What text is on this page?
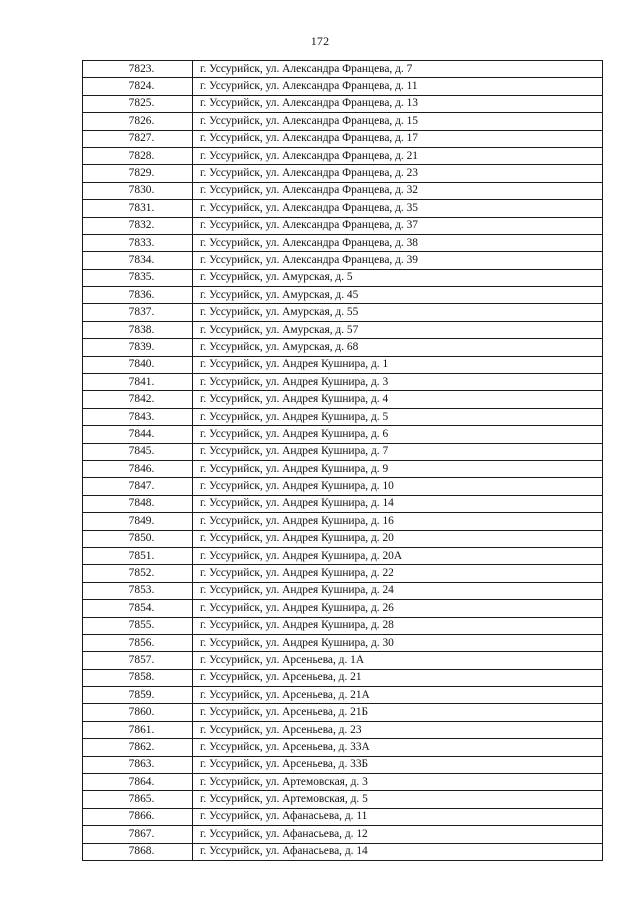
172
7823.	г. Уссурийск, ул. Александра Францева, д. 7
7824.	г. Уссурийск, ул. Александра Францева, д. 11
7825.	г. Уссурийск, ул. Александра Францева, д. 13
7826.	г. Уссурийск, ул. Александра Францева, д. 15
7827.	г. Уссурийск, ул. Александра Францева, д. 17
7828.	г. Уссурийск, ул. Александра Францева, д. 21
7829.	г. Уссурийск, ул. Александра Францева, д. 23
7830.	г. Уссурийск, ул. Александра Францева, д. 32
7831.	г. Уссурийск, ул. Александра Францева, д. 35
7832.	г. Уссурийск, ул. Александра Францева, д. 37
7833.	г. Уссурийск, ул. Александра Францева, д. 38
7834.	г. Уссурийск, ул. Александра Францева, д. 39
7835.	г. Уссурийск, ул. Амурская, д. 5
7836.	г. Уссурийск, ул. Амурская, д. 45
7837.	г. Уссурийск, ул. Амурская, д. 55
7838.	г. Уссурийск, ул. Амурская, д. 57
7839.	г. Уссурийск, ул. Амурская, д. 68
7840.	г. Уссурийск, ул. Андрея Кушнира, д. 1
7841.	г. Уссурийск, ул. Андрея Кушнира, д. 3
7842.	г. Уссурийск, ул. Андрея Кушнира, д. 4
7843.	г. Уссурийск, ул. Андрея Кушнира, д. 5
7844.	г. Уссурийск, ул. Андрея Кушнира, д. 6
7845.	г. Уссурийск, ул. Андрея Кушнира, д. 7
7846.	г. Уссурийск, ул. Андрея Кушнира, д. 9
7847.	г. Уссурийск, ул. Андрея Кушнира, д. 10
7848.	г. Уссурийск, ул. Андрея Кушнира, д. 14
7849.	г. Уссурийск, ул. Андрея Кушнира, д. 16
7850.	г. Уссурийск, ул. Андрея Кушнира, д. 20
7851.	г. Уссурийск, ул. Андрея Кушнира, д. 20А
7852.	г. Уссурийск, ул. Андрея Кушнира, д. 22
7853.	г. Уссурийск, ул. Андрея Кушнира, д. 24
7854.	г. Уссурийск, ул. Андрея Кушнира, д. 26
7855.	г. Уссурийск, ул. Андрея Кушнира, д. 28
7856.	г. Уссурийск, ул. Андрея Кушнира, д. 30
7857.	г. Уссурийск, ул. Арсеньева, д. 1А
7858.	г. Уссурийск, ул. Арсеньева, д. 21
7859.	г. Уссурийск, ул. Арсеньева, д. 21А
7860.	г. Уссурийск, ул. Арсеньева, д. 21Б
7861.	г. Уссурийск, ул. Арсеньева, д. 23
7862.	г. Уссурийск, ул. Арсеньева, д. 33А
7863.	г. Уссурийск, ул. Арсеньева, д. 33Б
7864.	г. Уссурийск, ул. Артемовская, д. 3
7865.	г. Уссурийск, ул. Артемовская, д. 5
7866.	г. Уссурийск, ул. Афанасьева, д. 11
7867.	г. Уссурийск, ул. Афанасьева, д. 12
7868.	г. Уссурийск, ул. Афанасьева, д. 14
